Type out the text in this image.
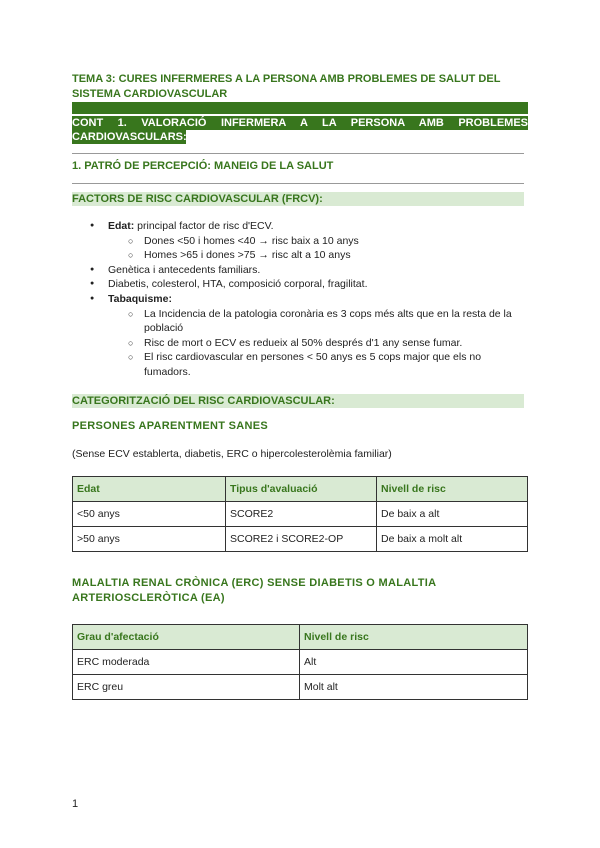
TEMA 3: CURES INFERMERES A LA PERSONA AMB PROBLEMES DE SALUT DEL SISTEMA CARDIOVASCULAR
CONT 1. VALORACIÓ INFERMERA A LA PERSONA AMB PROBLEMES CARDIOVASCULARS:
1. PATRÓ DE PERCEPCIÓ: MANEIG DE LA SALUT
FACTORS DE RISC CARDIOVASCULAR (FRCV):
● Edat: principal factor de risc d'ECV.
○ Dones <50 i homes <40 → risc baix a 10 anys
○ Homes >65 i dones >75 → risc alt a 10 anys
● Genètica i antecedents familiars.
● Diabetis, colesterol, HTA, composició corporal, fragilitat.
● Tabaquisme:
○ La Incidencia de la patologia coronària es 3 cops més alts que en la resta de la població
○ Risc de mort o ECV es redueix al 50% després d'1 any sense fumar.
○ El risc cardiovascular en persones < 50 anys es 5 cops major que els no fumadors.
CATEGORITZACIÓ DEL RISC CARDIOVASCULAR:
PERSONES APARENTMENT SANES
(Sense ECV establerta, diabetis, ERC o hipercolesterolèmia familiar)
Edat	Tipus d'avaluació	Nivell de risc
<50 anys	SCORE2	De baix a alt
>50 anys	SCORE2 i SCORE2-OP	De baix a molt alt
MALALTIA RENAL CRÒNICA (ERC) SENSE DIABETIS O MALALTIA ARTERIOSCLERÒTICA (EA)
Grau d'afectació	Nivell de risc
ERC moderada	Alt
ERC greu	Molt alt
1
